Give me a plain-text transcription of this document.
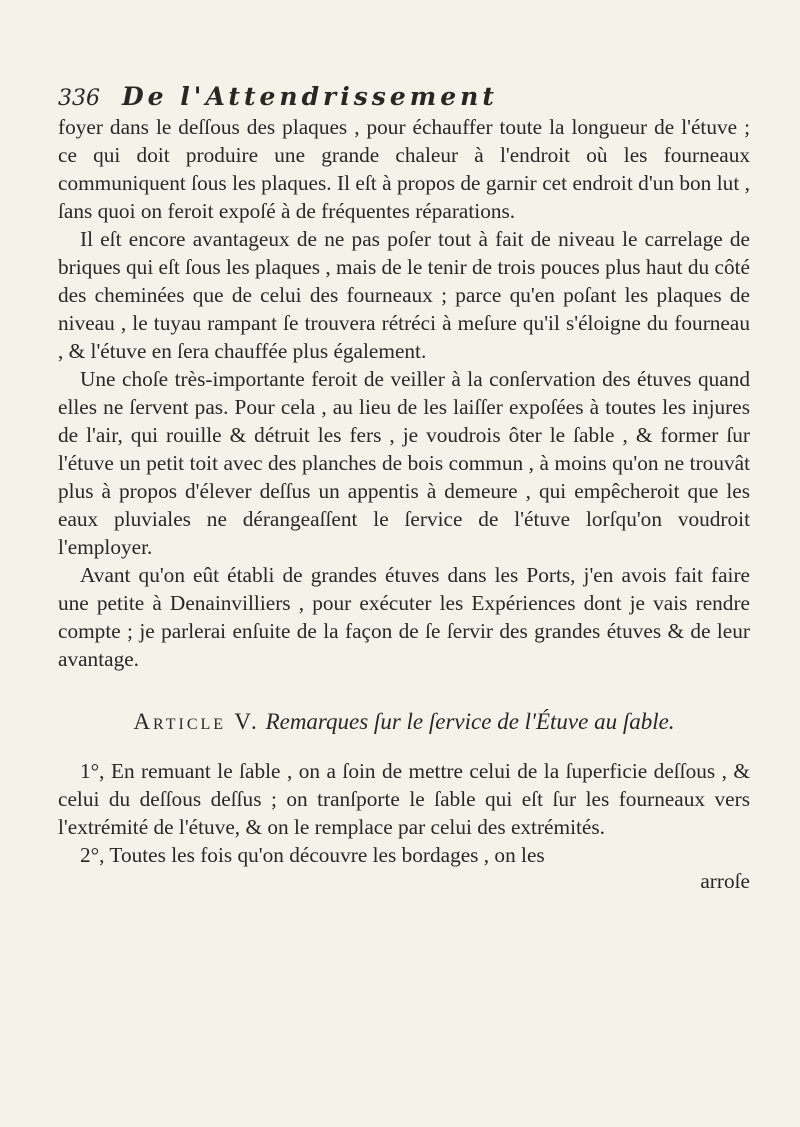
336 De l'Attendrissement

foyer dans le deſſous des plaques , pour échauffer toute la longueur de l'étuve ; ce qui doit produire une grande chaleur à l'endroit où les fourneaux communiquent ſous les plaques. Il eſt à propos de garnir cet endroit d'un bon lut , ſans quoi on feroit expoſé à de fréquentes réparations.

Il eſt encore avantageux de ne pas poſer tout à fait de niveau le carrelage de briques qui eſt ſous les plaques , mais de le tenir de trois pouces plus haut du côté des cheminées que de celui des fourneaux ; parce qu'en poſant les plaques de niveau , le tuyau rampant ſe trouvera rétréci à meſure qu'il s'éloigne du fourneau , & l'étuve en ſera chauffée plus également.

Une choſe très-importante feroit de veiller à la conſervation des étuves quand elles ne ſervent pas. Pour cela , au lieu de les laiſſer expoſées à toutes les injures de l'air, qui rouille & détruit les fers , je voudrois ôter le ſable , & former ſur l'étuve un petit toit avec des planches de bois commun , à moins qu'on ne trouvât plus à propos d'élever deſſus un appentis à demeure , qui empêcheroit que les eaux pluviales ne dérangeaſſent le ſervice de l'étuve lorſqu'on voudroit l'employer.

Avant qu'on eût établi de grandes étuves dans les Ports, j'en avois fait faire une petite à Denainvilliers , pour exécuter les Expériences dont je vais rendre compte ; je parlerai enſuite de la façon de ſe ſervir des grandes étuves & de leur avantage.

Article V. Remarques ſur le ſervice de l'Étuve au ſable.

1°, En remuant le ſable , on a ſoin de mettre celui de la ſuperficie deſſous , & celui du deſſous deſſus ; on tranſporte le ſable qui eſt ſur les fourneaux vers l'extrémité de l'étuve, & on le remplace par celui des extrémités.

2°, Toutes les fois qu'on découvre les bordages , on les

arroſe
